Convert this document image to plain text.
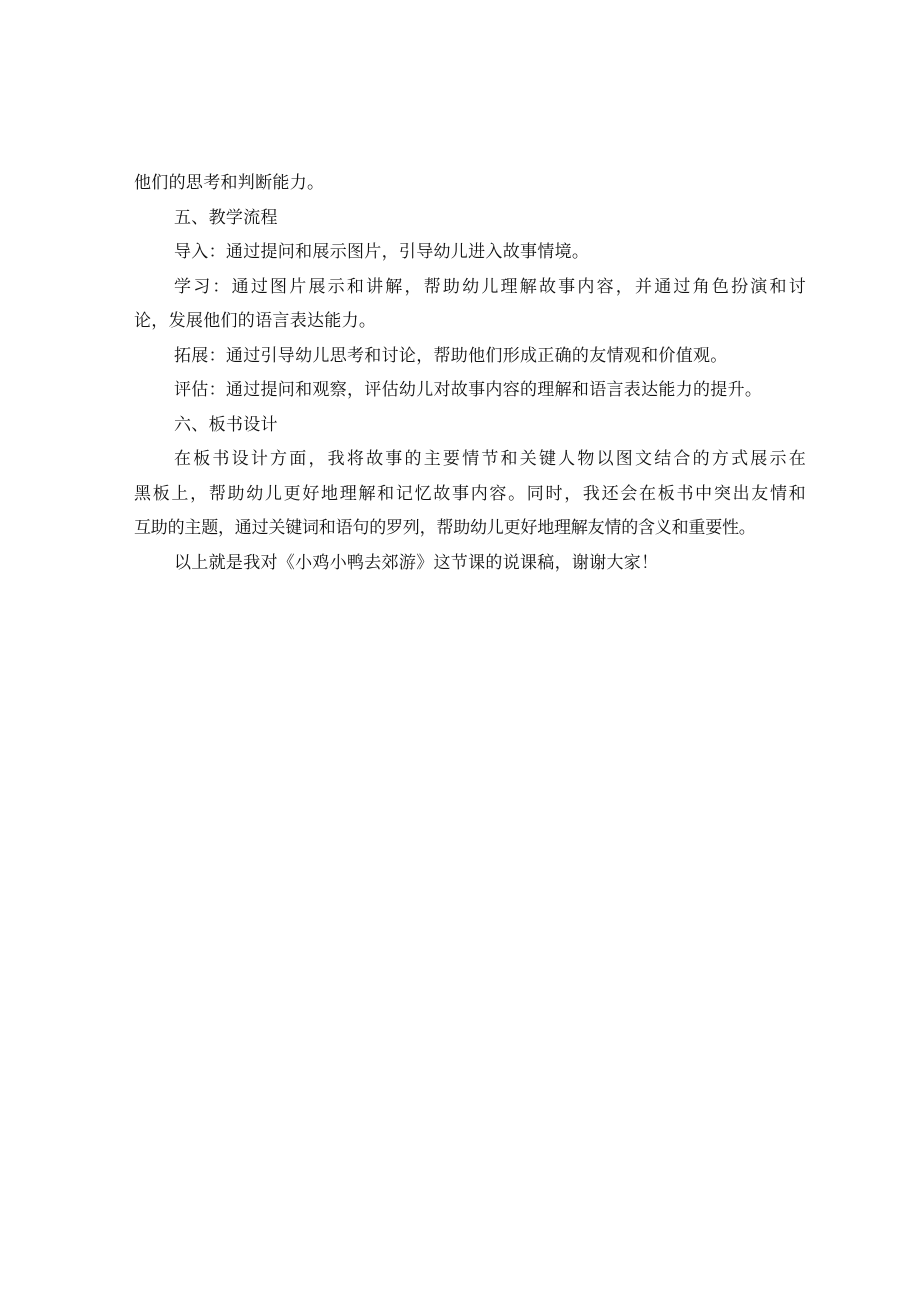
他们的思考和判断能力。
五、教学流程
导入：通过提问和展示图片，引导幼儿进入故事情境。
学习：通过图片展示和讲解，帮助幼儿理解故事内容，并通过角色扮演和讨
论，发展他们的语言表达能力。
拓展：通过引导幼儿思考和讨论，帮助他们形成正确的友情观和价值观。
评估：通过提问和观察，评估幼儿对故事内容的理解和语言表达能力的提升。
六、板书设计
在板书设计方面，我将故事的主要情节和关键人物以图文结合的方式展示在
黑板上，帮助幼儿更好地理解和记忆故事内容。同时，我还会在板书中突出友情和
互助的主题，通过关键词和语句的罗列，帮助幼儿更好地理解友情的含义和重要性。
以上就是我对《小鸡小鸭去郊游》这节课的说课稿，谢谢大家！
